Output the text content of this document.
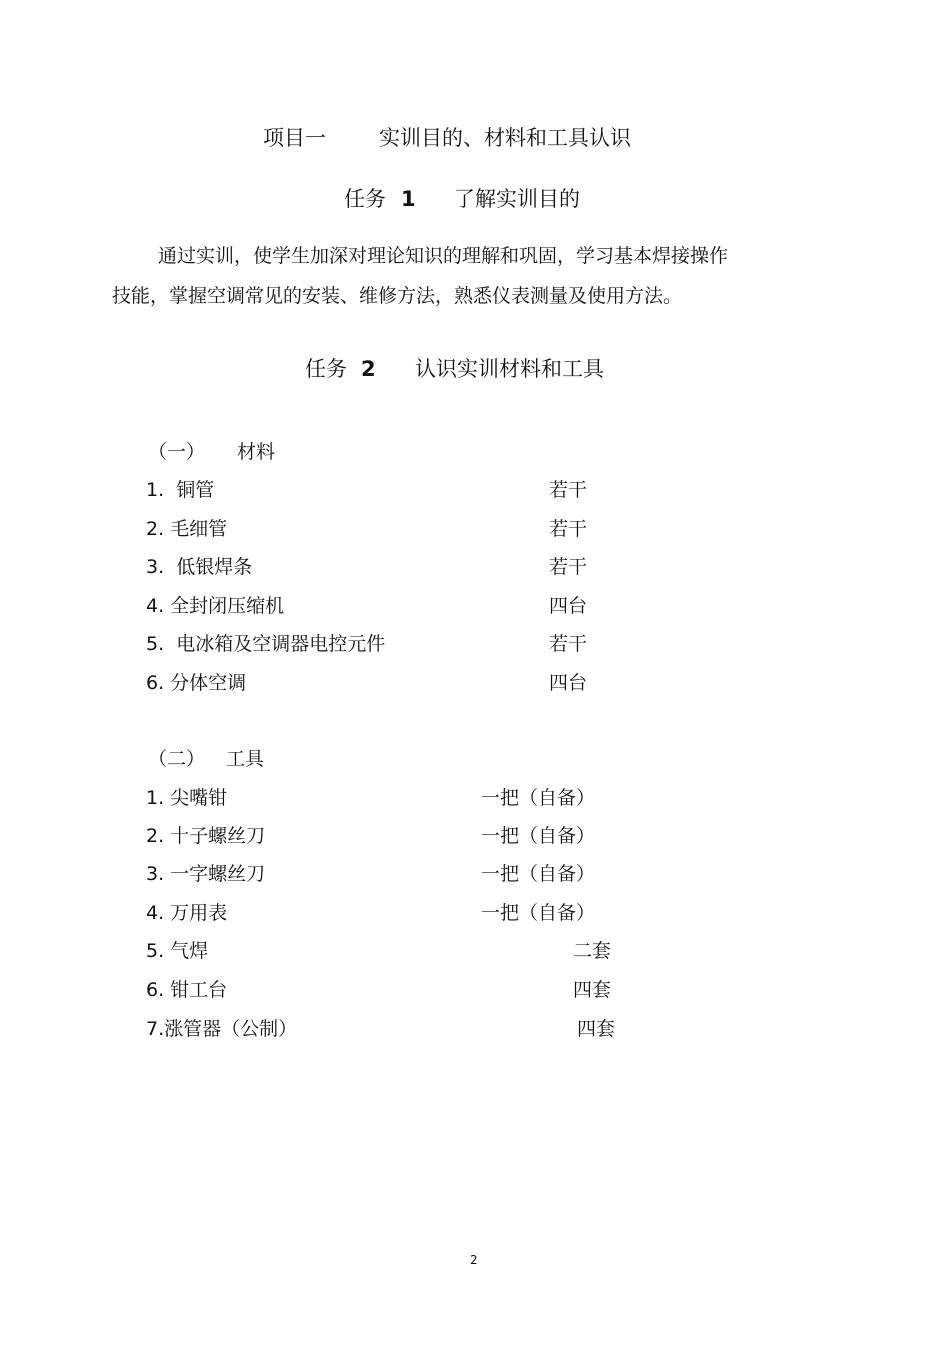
项目一	实训目的、材料和工具认识
任务 1 了解实训目的
通过实训，使学生加深对理论知识的理解和巩固，学习基本焊接操作
技能，掌握空调常见的安装、维修方法，熟悉仪表测量及使用方法。
任务 2 认识实训材料和工具
（一） 材料
1.  铜管	若干
2. 毛细管	若干
3.  低银焊条	若干
4. 全封闭压缩机	四台
5.  电冰箱及空调器电控元件	若干
6. 分体空调	四台
（二） 工具
1. 尖嘴钳	一把（自备）
2. 十子螺丝刀	一把（自备）
3. 一字螺丝刀	一把（自备）
4. 万用表	一把（自备）
5. 气焊	二套
6. 钳工台	四套
7.涨管器（公制）	四套
2
